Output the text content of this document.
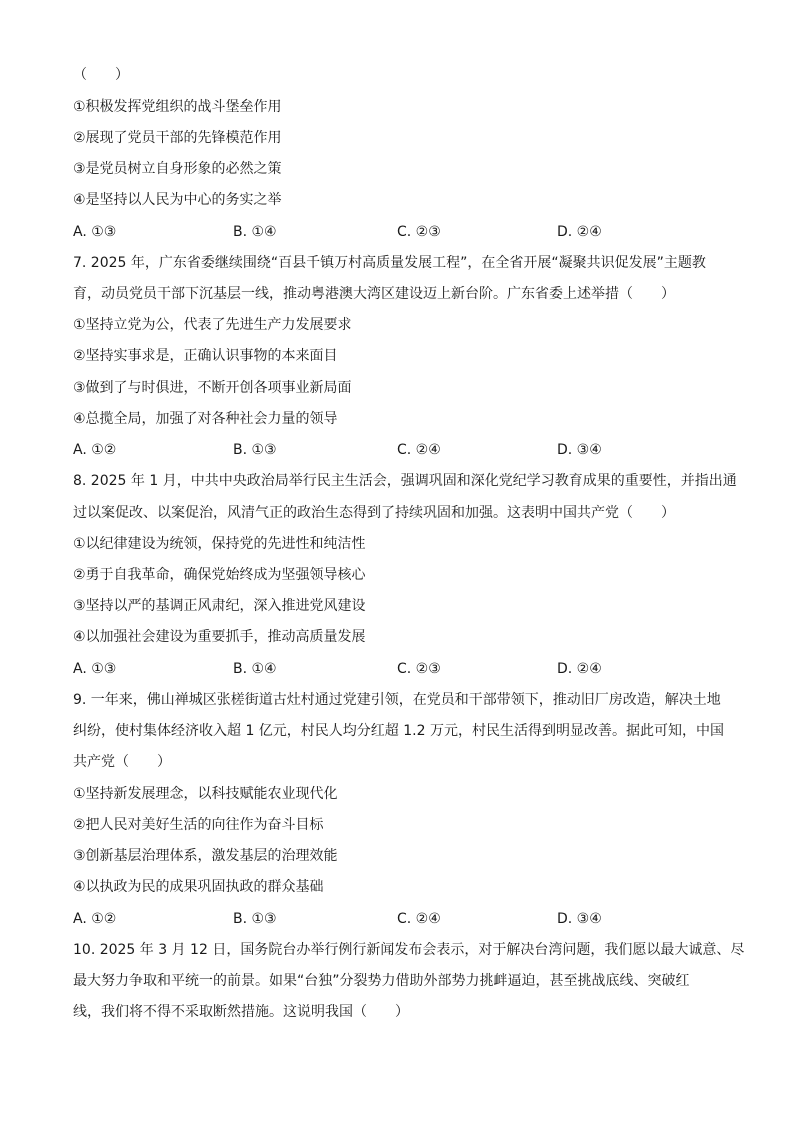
（　　）
①积极发挥党组织的战斗堡垒作用
②展现了党员干部的先锋模范作用
③是党员树立自身形象的必然之策
④是坚持以人民为中心的务实之举
A. ①③	B. ①④	C. ②③	D. ②④
7. 2025 年，广东省委继续围绕“百县千镇万村高质量发展工程”，在全省开展“凝聚共识促发展”主题教
育，动员党员干部下沉基层一线，推动粤港澳大湾区建设迈上新台阶。广东省委上述举措（　　）
①坚持立党为公，代表了先进生产力发展要求
②坚持实事求是，正确认识事物的本来面目
③做到了与时俱进，不断开创各项事业新局面
④总揽全局，加强了对各种社会力量的领导
A. ①②	B. ①③	C. ②④	D. ③④
8. 2025 年 1 月，中共中央政治局举行民主生活会，强调巩固和深化党纪学习教育成果的重要性，并指出通
过以案促改、以案促治，风清气正的政治生态得到了持续巩固和加强。这表明中国共产党（　　）
①以纪律建设为统领，保持党的先进性和纯洁性
②勇于自我革命，确保党始终成为坚强领导核心
③坚持以严的基调正风肃纪，深入推进党风建设
④以加强社会建设为重要抓手，推动高质量发展
A. ①③	B. ①④	C. ②③	D. ②④
9. 一年来，佛山禅城区张槎街道古灶村通过党建引领，在党员和干部带领下，推动旧厂房改造，解决土地
纠纷，使村集体经济收入超 1 亿元，村民人均分红超 1.2 万元，村民生活得到明显改善。据此可知，中国
共产党（　　）
①坚持新发展理念，以科技赋能农业现代化
②把人民对美好生活的向往作为奋斗目标
③创新基层治理体系，激发基层的治理效能
④以执政为民的成果巩固执政的群众基础
A. ①②	B. ①③	C. ②④	D. ③④
10. 2025 年 3 月 12 日，国务院台办举行例行新闻发布会表示，对于解决台湾问题，我们愿以最大诚意、尽
最大努力争取和平统一的前景。如果“台独”分裂势力借助外部势力挑衅逼迫，甚至挑战底线、突破红
线，我们将不得不采取断然措施。这说明我国（　　）
